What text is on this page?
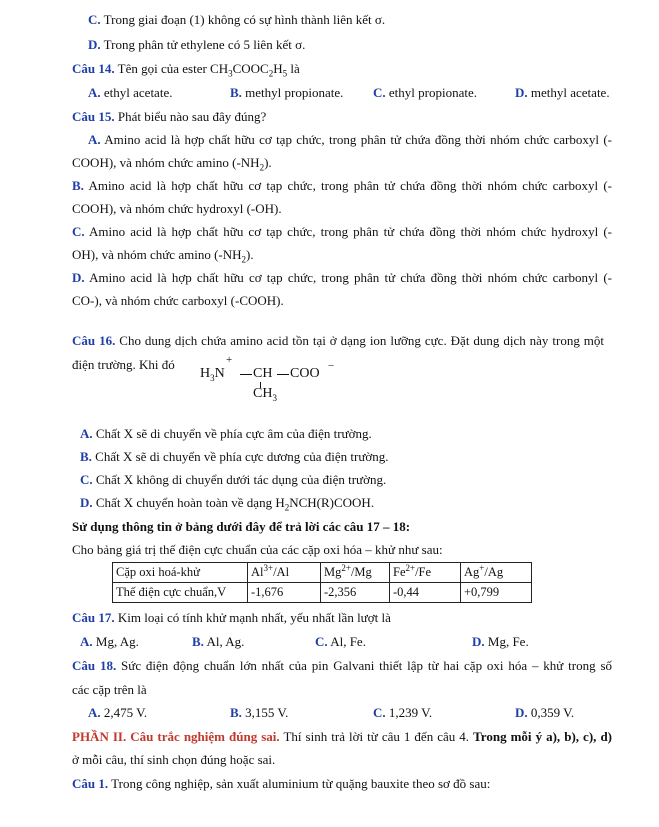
C. Trong giai đoạn (1) không có sự hình thành liên kết σ.
D. Trong phân tử ethylene có 5 liên kết σ.
Câu 14. Tên gọi của ester $CH_3COOC_2H_5$ là
A. ethyl acetate.	B. methyl propionate. C. ethyl propionate.	D. methyl acetate.
Câu 15. Phát biểu nào sau đây đúng?
A. Amino acid là hợp chất hữu cơ tạp chức, trong phân tử chứa đồng thời nhóm chức carboxyl (-
COOH), và nhóm chức amino $(-NH_2)$.
B. Amino acid là hợp chất hữu cơ tạp chức, trong phân tử chứa đồng thời nhóm chức carboxyl (-
COOH), và nhóm chức hydroxyl (-OH).
C. Amino acid là hợp chất hữu cơ tạp chức, trong phân tử chứa đồng thời nhóm chức hydroxyl (-
OH), và nhóm chức amino $(-NH_2)$.
D. Amino acid là hợp chất hữu cơ tạp chức, trong phân tử chứa đồng thời nhóm chức carbonyl (-
CO-), và nhóm chức carboxyl (-COOH).
Câu 16. Cho dung dịch chứa amino acid tồn tại ở dạng ion lưỡng cực. Đặt dung dịch này trong một
điện trường. Khi đó
$H_3N$
+
CH COO −
$CH_3$
A. Chất X sẽ di chuyển về phía cực âm của điện trường.
B. Chất X sẽ di chuyển về phía cực dương của điện trường.
C. Chất X không di chuyển dưới tác dụng của điện trường.
D. Chất X chuyển hoàn toàn về dạng $H_2NCH(R)COOH$.
Sử dụng thông tin ở bảng dưới đây để trả lời các câu 17 – 18:
Cho bảng giá trị thế điện cực chuẩn của các cặp oxi hóa – khử như sau:
Cặp oxi hoá-khử	$Al^{3+}/Al$	$Mg^{2+}/Mg$	$Fe^{2+}/Fe$	Ag+/Ag
Thế điện cực chuẩn,V	-1,676	-2,356	-0,44	+0,799
Câu 17. Kim loại có tính khử mạnh nhất, yếu nhất lần lượt là
A. Mg, Ag.	B. Al, Ag.	C. Al, Fe.	D. Mg, Fe.
Câu 18. Sức điện động chuẩn lớn nhất của pin Galvani thiết lập từ hai cặp oxi hóa – khử trong số
các cặp trên là
A. 2,475 V.	B. 3,155 V.	C. 1,239 V.	D. 0,359 V.
PHẦN II. Câu trắc nghiệm đúng sai. Thí sinh trả lời từ câu 1 đến câu 4. Trong mỗi ý a), b), c), d)
ở mỗi câu, thí sinh chọn đúng hoặc sai.
Câu 1. Trong công nghiệp, sản xuất aluminium từ quặng bauxite theo sơ đồ sau:
